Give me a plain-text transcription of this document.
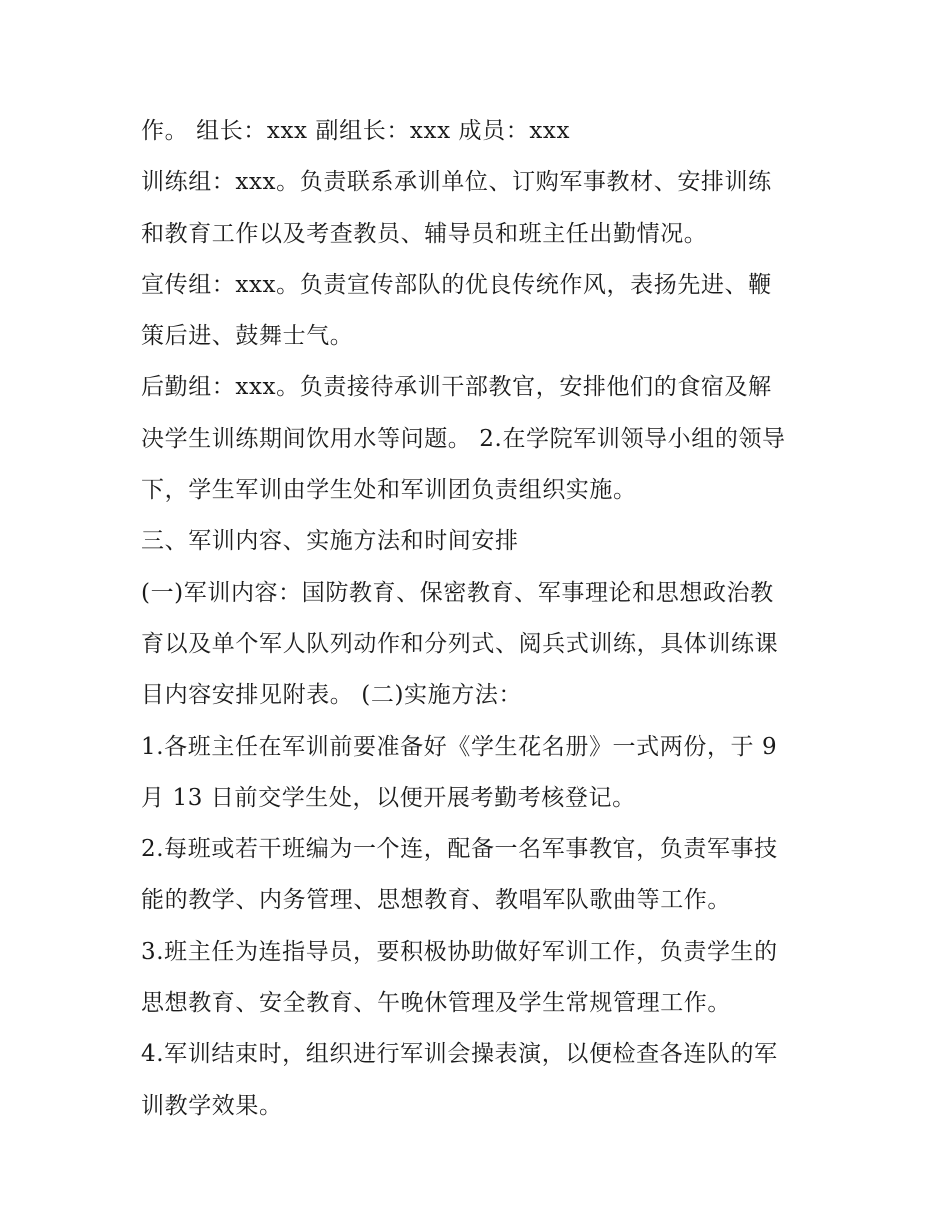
作。 组长：xxx 副组长：xxx 成员：xxx
训练组：xxx。负责联系承训单位、订购军事教材、安排训练
和教育工作以及考查教员、辅导员和班主任出勤情况。
宣传组：xxx。负责宣传部队的优良传统作风，表扬先进、鞭
策后进、鼓舞士气。
后勤组：xxx。负责接待承训干部教官，安排他们的食宿及解
决学生训练期间饮用水等问题。 2.在学院军训领导小组的领导
下，学生军训由学生处和军训团负责组织实施。
三、军训内容、实施方法和时间安排
(一)军训内容：国防教育、保密教育、军事理论和思想政治教
育以及单个军人队列动作和分列式、阅兵式训练，具体训练课
目内容安排见附表。 (二)实施方法：
1.各班主任在军训前要准备好《学生花名册》一式两份，于 9
月 13 日前交学生处，以便开展考勤考核登记。
2.每班或若干班编为一个连，配备一名军事教官，负责军事技
能的教学、内务管理、思想教育、教唱军队歌曲等工作。
3.班主任为连指导员，要积极协助做好军训工作，负责学生的
思想教育、安全教育、午晚休管理及学生常规管理工作。
4.军训结束时，组织进行军训会操表演，以便检查各连队的军
训教学效果。
